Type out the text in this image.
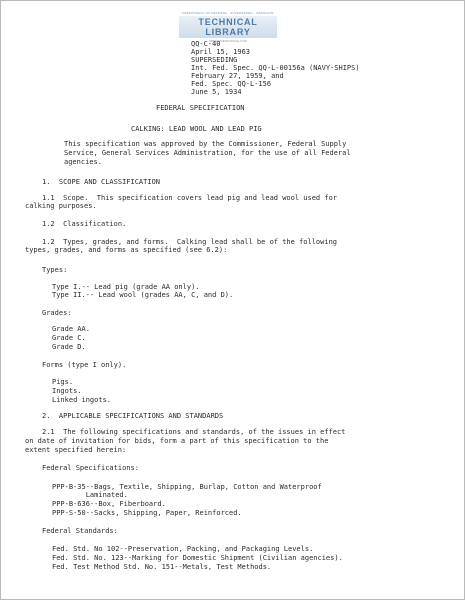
DEPARTMENT OF DEFENSE · SUPERSEDED · OBSOLETE
TECHNICAL LIBRARY
ABBOTTAEROSPACE.COM
QQ-C-40
April 15, 1963
SUPERSEDING
Int. Fed. Spec. QQ-L-00156a (NAVY-SHIPS)
February 27, 1959, and
Fed. Spec. QQ-L-156
June 5, 1934
FEDERAL SPECIFICATION
CALKING: LEAD WOOL AND LEAD PIG
This specification was approved by the Commissioner, Federal Supply
Service, General Services Administration, for the use of all Federal
agencies.
1.  SCOPE AND CLASSIFICATION
1.1  Scope.  This specification covers lead pig and lead wool used for
calking purposes.
1.2  Classification.
1.2  Types, grades, and forms.  Calking lead shall be of the following
types, grades, and forms as specified (see 6.2):
Types:
Type I.-- Lead pig (grade AA only).
Type II.-- Lead wool (grades AA, C, and D).
Grades:
Grade AA.
Grade C.
Grade D.
Forms (type I only).
Pigs.
Ingots.
Linked ingots.
2.  APPLICABLE SPECIFICATIONS AND STANDARDS
2.1  The following specifications and standards, of the issues in effect
on date of invitation for bids, form a part of this specification to the
extent specified herein:
Federal Specifications:
PPP-B-35--Bags, Textile, Shipping, Burlap, Cotton and Waterproof
Laminated.
PPP-B-636--Box, Fiberboard.
PPP-S-50--Sacks, Shipping, Paper, Reinforced.
Federal Standards:
Fed. Std. No 102--Preservation, Packing, and Packaging Levels.
Fed. Std. No. 123--Marking for Domestic Shipment (Civilian agencies).
Fed. Test Method Std. No. 151--Metals, Test Methods.
